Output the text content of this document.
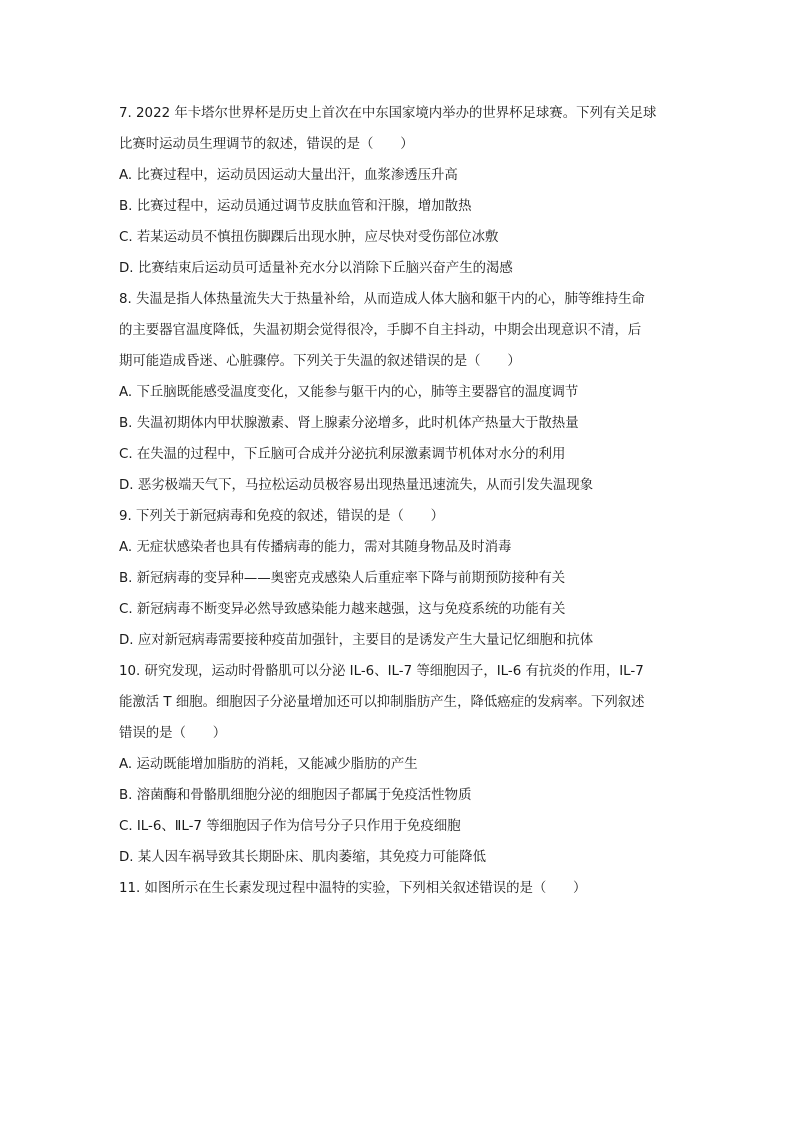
7. 2022 年卡塔尔世界杯是历史上首次在中东国家境内举办的世界杯足球赛。下列有关足球
比赛时运动员生理调节的叙述，错误的是（　　）
A. 比赛过程中，运动员因运动大量出汗，血浆渗透压升高
B. 比赛过程中，运动员通过调节皮肤血管和汗腺，增加散热
C. 若某运动员不慎扭伤脚踝后出现水肿，应尽快对受伤部位冰敷
D. 比赛结束后运动员可适量补充水分以消除下丘脑兴奋产生的渴感
8. 失温是指人体热量流失大于热量补给，从而造成人体大脑和躯干内的心，肺等维持生命
的主要器官温度降低，失温初期会觉得很冷，手脚不自主抖动，中期会出现意识不清，后
期可能造成昏迷、心脏骤停。下列关于失温的叙述错误的是（　　）
A. 下丘脑既能感受温度变化，又能参与躯干内的心，肺等主要器官的温度调节
B. 失温初期体内甲状腺激素、肾上腺素分泌增多，此时机体产热量大于散热量
C. 在失温的过程中，下丘脑可合成并分泌抗利尿激素调节机体对水分的利用
D. 恶劣极端天气下，马拉松运动员极容易出现热量迅速流失，从而引发失温现象
9. 下列关于新冠病毒和免疫的叙述，错误的是（　　）
A. 无症状感染者也具有传播病毒的能力，需对其随身物品及时消毒
B. 新冠病毒的变异种——奥密克戎感染人后重症率下降与前期预防接种有关
C. 新冠病毒不断变异必然导致感染能力越来越强，这与免疫系统的功能有关
D. 应对新冠病毒需要接种疫苗加强针，主要目的是诱发产生大量记忆细胞和抗体
10. 研究发现，运动时骨骼肌可以分泌 IL-6、IL-7 等细胞因子，IL-6 有抗炎的作用，IL-7
能激活 T 细胞。细胞因子分泌量增加还可以抑制脂肪产生，降低癌症的发病率。下列叙述
错误的是（　　）
A. 运动既能增加脂肪的消耗，又能减少脂肪的产生
B. 溶菌酶和骨骼肌细胞分泌的细胞因子都属于免疫活性物质
C. IL-6、ⅡL-7 等细胞因子作为信号分子只作用于免疫细胞
D. 某人因车祸导致其长期卧床、肌肉萎缩，其免疫力可能降低
11. 如图所示在生长素发现过程中温特的实验，下列相关叙述错误的是（　　）
